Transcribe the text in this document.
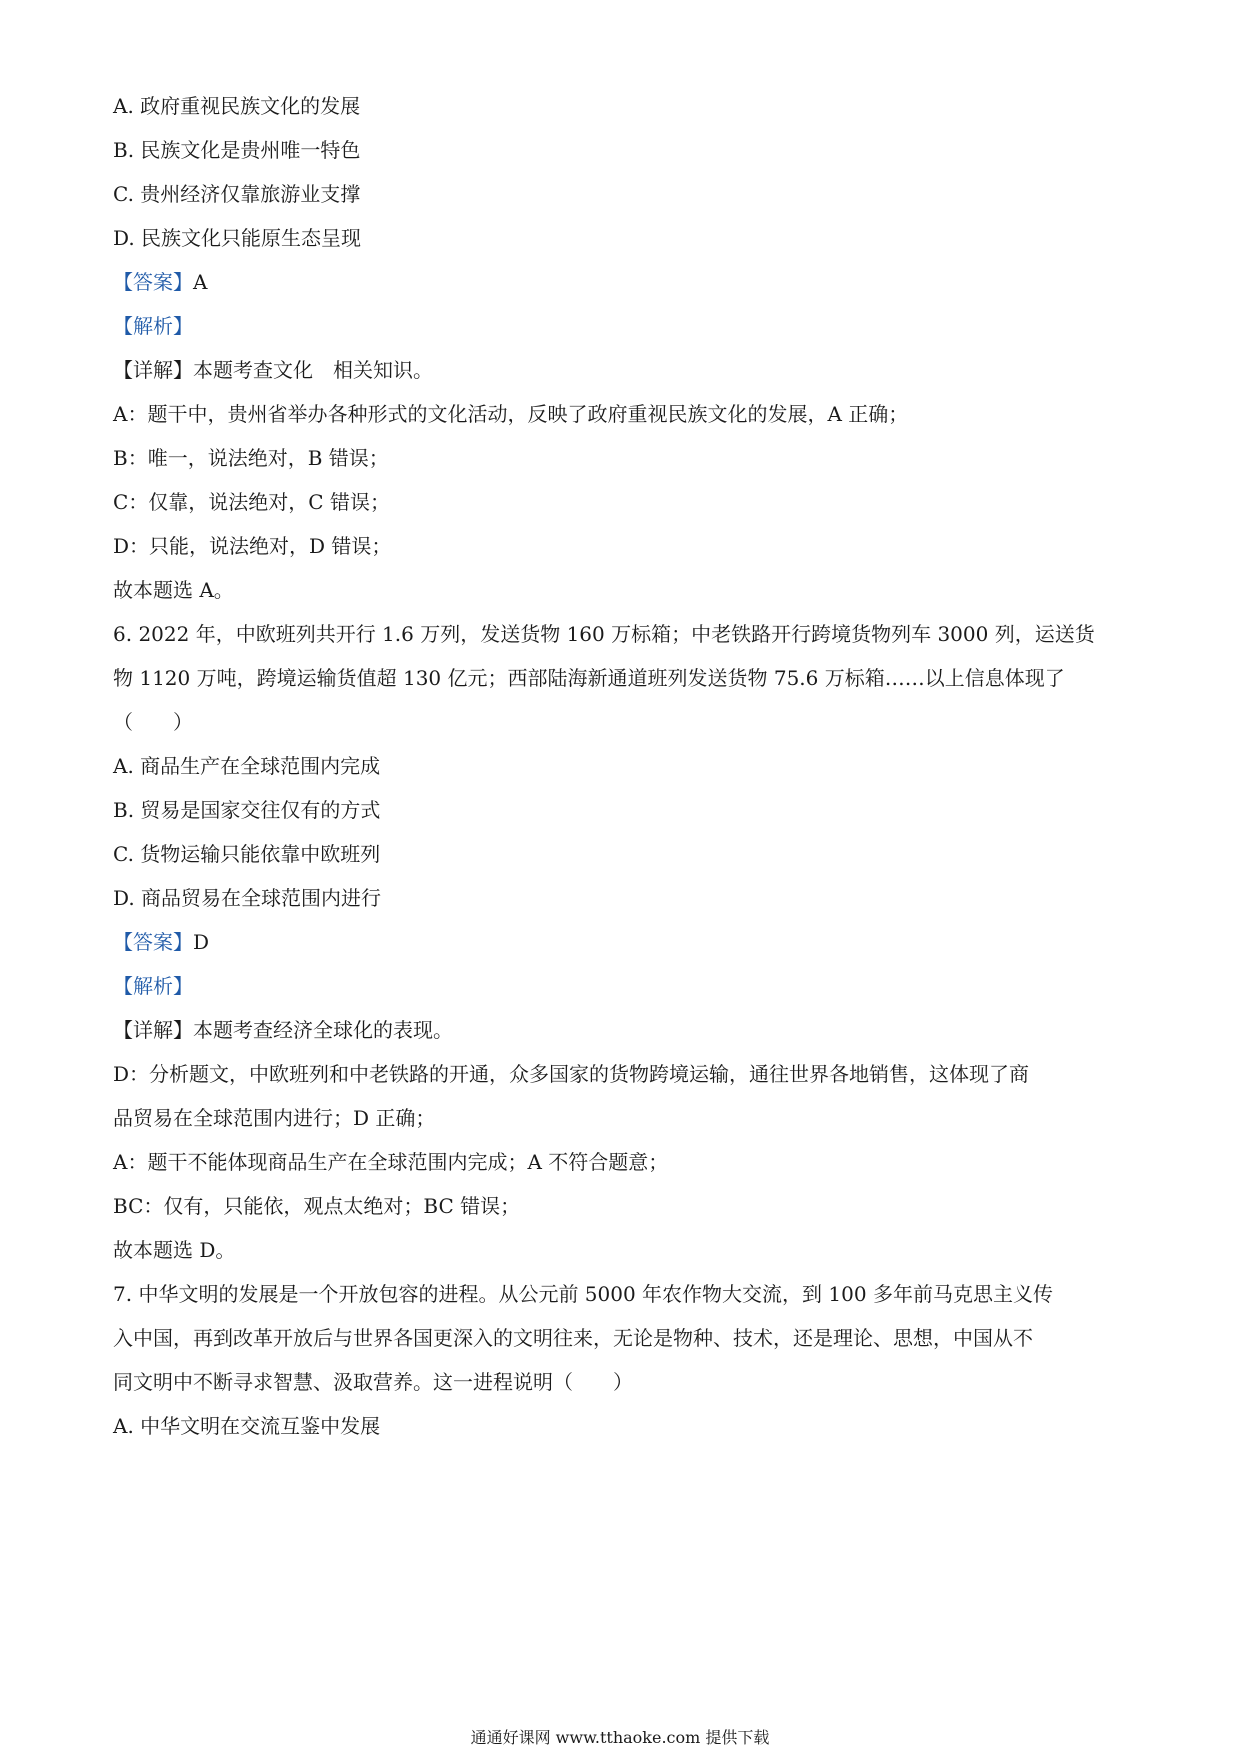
A. 政府重视民族文化的发展
B. 民族文化是贵州唯一特色
C. 贵州经济仅靠旅游业支撑
D. 民族文化只能原生态呈现
【答案】A
【解析】
【详解】本题考查文化　相关知识。
A：题干中，贵州省举办各种形式的文化活动，反映了政府重视民族文化的发展，A 正确；
B：唯一，说法绝对，B 错误；
C：仅靠，说法绝对，C 错误；
D：只能，说法绝对，D 错误；
故本题选 A。
6. 2022 年，中欧班列共开行 1.6 万列，发送货物 160 万标箱；中老铁路开行跨境货物列车 3000 列，运送货
物 1120 万吨，跨境运输货值超 130 亿元；西部陆海新通道班列发送货物 75.6 万标箱……以上信息体现了
（　　）
A. 商品生产在全球范围内完成
B. 贸易是国家交往仅有的方式
C. 货物运输只能依靠中欧班列
D. 商品贸易在全球范围内进行
【答案】D
【解析】
【详解】本题考查经济全球化的表现。
D：分析题文，中欧班列和中老铁路的开通，众多国家的货物跨境运输，通往世界各地销售，这体现了商
品贸易在全球范围内进行；D 正确；
A：题干不能体现商品生产在全球范围内完成；A 不符合题意；
BC：仅有，只能依，观点太绝对；BC 错误；
故本题选 D。
7. 中华文明的发展是一个开放包容的进程。从公元前 5000 年农作物大交流，到 100 多年前马克思主义传
入中国，再到改革开放后与世界各国更深入的文明往来，无论是物种、技术，还是理论、思想，中国从不
同文明中不断寻求智慧、汲取营养。这一进程说明（　　）
A. 中华文明在交流互鉴中发展
通通好课网 www.tthaoke.com 提供下载
